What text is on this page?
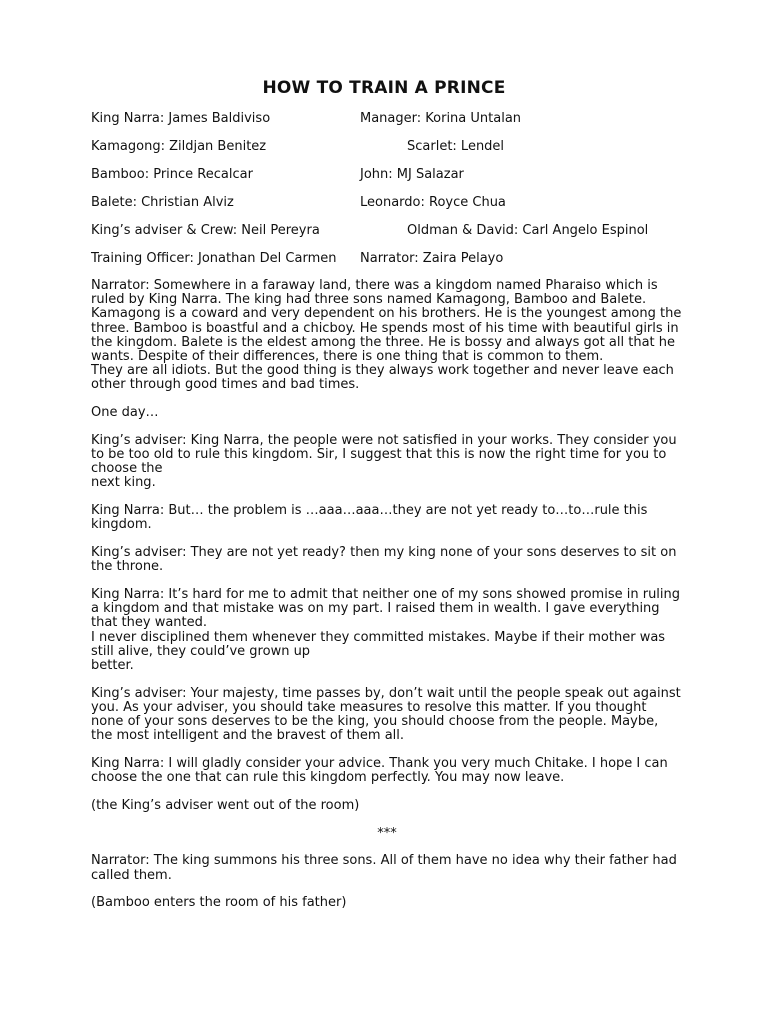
HOW TO TRAIN A PRINCE
King Narra: James Baldiviso	Manager: Korina Untalan
Kamagong: Zildjan Benitez	Scarlet: Lendel
Bamboo: Prince Recalcar	John: MJ Salazar
Balete: Christian Alviz	Leonardo: Royce Chua
King’s adviser & Crew: Neil Pereyra	Oldman & David: Carl Angelo Espinol
Training Officer: Jonathan Del Carmen Narrator: Zaira Pelayo

Narrator: Somewhere in a faraway land, there was a kingdom named Pharaiso which is ruled by King Narra. The king had three sons named Kamagong, Bamboo and Balete. Kamagong is a coward and very dependent on his brothers. He is the youngest among the three. Bamboo is boastful and a chicboy. He spends most of his time with beautiful girls in the kingdom. Balete is the eldest among the three. He is bossy and always got all that he wants. Despite of their differences, there is one thing that is common to them.
They are all idiots. But the good thing is they always work together and never leave each other through good times and bad times.

One day…

King’s adviser: King Narra, the people were not satisfied in your works. They consider you to be too old to rule this kingdom. Sir, I suggest that this is now the right time for you to choose the
next king.

King Narra: But… the problem is …aaa…aaa…they are not yet ready to…to…rule this kingdom.

King’s adviser: They are not yet ready? then my king none of your sons deserves to sit on the throne.

King Narra: It’s hard for me to admit that neither one of my sons showed promise in ruling a kingdom and that mistake was on my part. I raised them in wealth. I gave everything that they wanted.
I never disciplined them whenever they committed mistakes. Maybe if their mother was still alive, they could’ve grown up
better.

King’s adviser: Your majesty, time passes by, don’t wait until the people speak out against you. As your adviser, you should take measures to resolve this matter. If you thought none of your sons deserves to be the king, you should choose from the people. Maybe, the most intelligent and the bravest of them all.

King Narra: I will gladly consider your advice. Thank you very much Chitake. I hope I can choose the one that can rule this kingdom perfectly. You may now leave.

(the King’s adviser went out of the room)

***

Narrator: The king summons his three sons. All of them have no idea why their father had called them.

(Bamboo enters the room of his father)
